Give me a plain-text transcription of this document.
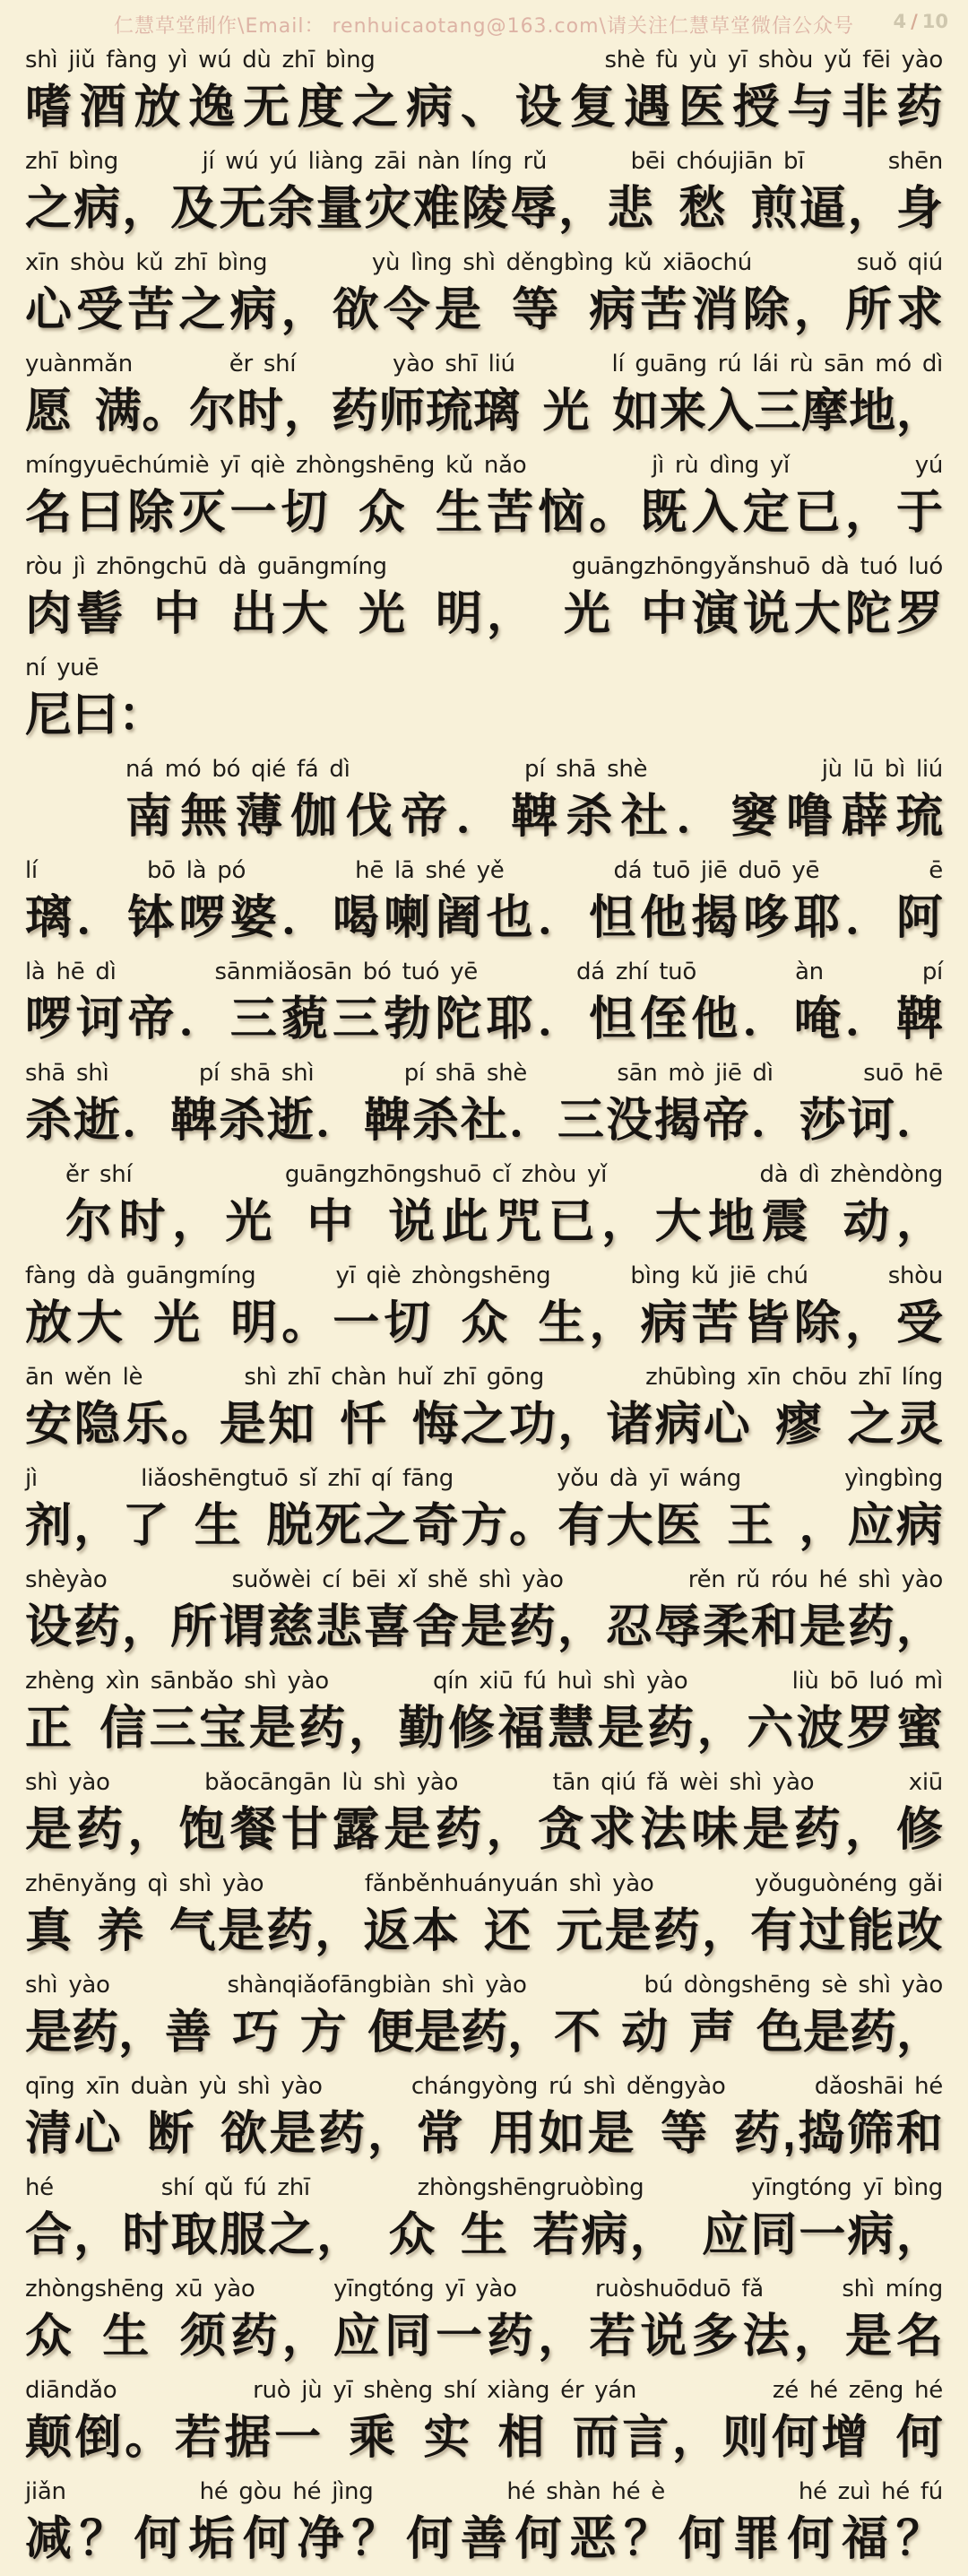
仁慧草堂制作\Email： renhuicaotang@163.com\请关注仁慧草堂微信公众号	4 / 10
shì jiǔ fàng yì wú dù zhī bìng	shè fù yù yī shòu yǔ fēi yào
嗜 酒 放 逸 无 度 之 病 、 设 复 遇 医 授 与 非 药
zhī bìng	jí wú yú liàng zāi nàn líng rǔ	bēi chóujiān bī	shēn
之 病 ， 及 无 余 量 灾 难 陵 辱 ， 悲 愁 煎 逼 ， 身
xīn shòu kǔ zhī bìng	yù lìng shì děngbìng kǔ xiāochú	suǒ qiú
心 受 苦 之 病 ， 欲 令 是 等 病 苦 消 除 ， 所 求
yuànmǎn	ěr shí	yào shī liú	lí guāng rú lái rù sān mó dì
愿 满 。 尔 时 ， 药 师 琉 璃 光 如 来 入 三 摩 地 ，
míngyuēchúmiè yī qiè zhòngshēng kǔ nǎo	jì rù dìng yǐ	yú
名 曰 除 灭 一 切 众 生 苦 恼 。 既 入 定 已 ， 于
ròu jì zhōngchū dà guāngmíng	guāngzhōngyǎnshuō dà tuó luó
肉 髻 中 出 大 光 明 ， 光 中 演 说 大 陀 罗
ní yuē
尼曰：
ná mó bó qié fá dì	pí shā shè	jù lū bì liú
南 無 薄 伽 伐 帝 ． 鞞 杀 社 ． 窭 噜 薜 琉
lí	bō là pó	hē lā shé yě	dá tuō jiē duō yē	ē
璃 ． 钵 啰 婆 ． 喝 喇 阇 也 ． 怛 他 揭 哆 耶 ． 阿
là hē dì	sānmiǎosān bó tuó yē	dá zhí tuō	àn	pí
啰 诃 帝 ． 三 藐 三 勃 陀 耶 ． 怛 侄 他 ． 唵 ． 鞞
shā shì	pí shā shì	pí shā shè	sān mò jiē dì	suō hē
杀 逝 ． 鞞 杀 逝 ． 鞞 杀 社 ． 三 没 揭 帝 ． 莎 诃 ．
ěr shí	guāngzhōngshuō cǐ zhòu yǐ	dà dì zhèndòng
尔 时 ， 光 中 说 此 咒 已 ， 大 地 震 动 ，
fàng dà guāngmíng	yī qiè zhòngshēng	bìng kǔ jiē chú	shòu
放 大 光 明 。 一 切 众 生 ， 病 苦 皆 除 ， 受
ān wěn lè	shì zhī chàn huǐ zhī gōng	zhūbìng xīn chōu zhī líng
安 隐 乐 。 是 知 忏 悔 之 功 ， 诸 病 心 瘳 之 灵
jì	liǎoshēngtuō sǐ zhī qí fāng	yǒu dà yī wáng	yìngbìng
剂 ， 了 生 脱 死 之 奇 方 。 有 大 医 王 ， 应 病
shèyào	suǒwèi cí bēi xǐ shě shì yào	rěn rǔ róu hé shì yào
设 药 ， 所 谓 慈 悲 喜 舍 是 药 ， 忍 辱 柔 和 是 药 ，
zhèng xìn sānbǎo shì yào	qín xiū fú huì shì yào	liù bō luó mì
正 信 三 宝 是 药 ， 勤 修 福 慧 是 药 ， 六 波 罗 蜜
shì yào	bǎocāngān lù shì yào	tān qiú fǎ wèi shì yào	xiū
是 药 ， 饱 餐 甘 露 是 药 ， 贪 求 法 味 是 药 ， 修
zhēnyǎng qì shì yào	fǎnběnhuányuán shì yào	yǒuguònéng gǎi
真 养 气 是 药 ， 返 本 还 元 是 药 ， 有 过 能 改
shì yào	shànqiǎofāngbiàn shì yào	bú dòngshēng sè shì yào
是 药 ， 善 巧 方 便 是 药 ， 不 动 声 色 是 药 ，
qīng xīn duàn yù shì yào	chángyòng rú shì děngyào	dǎoshāi hé
清 心 断 欲 是 药 ， 常 用 如 是 等 药 , 捣 筛 和
hé	shí qǔ fú zhī	zhòngshēngruòbìng	yīngtóng yī bìng
合 ， 时 取 服 之 ， 众 生 若 病 ， 应 同 一 病 ，
zhòngshēng xū yào	yīngtóng yī yào	ruòshuōduō fǎ	shì míng
众 生 须 药 ， 应 同 一 药 ， 若 说 多 法 ， 是 名
diāndǎo	ruò jù yī shèng shí xiàng ér yán	zé hé zēng hé
颠 倒 。 若 据 一 乘 实 相 而 言 ， 则 何 增 何
jiǎn	hé gòu hé jìng	hé shàn hé è	hé zuì hé fú
减 ？ 何 垢 何 净 ？ 何 善 何 恶 ？ 何 罪 何 福 ？
